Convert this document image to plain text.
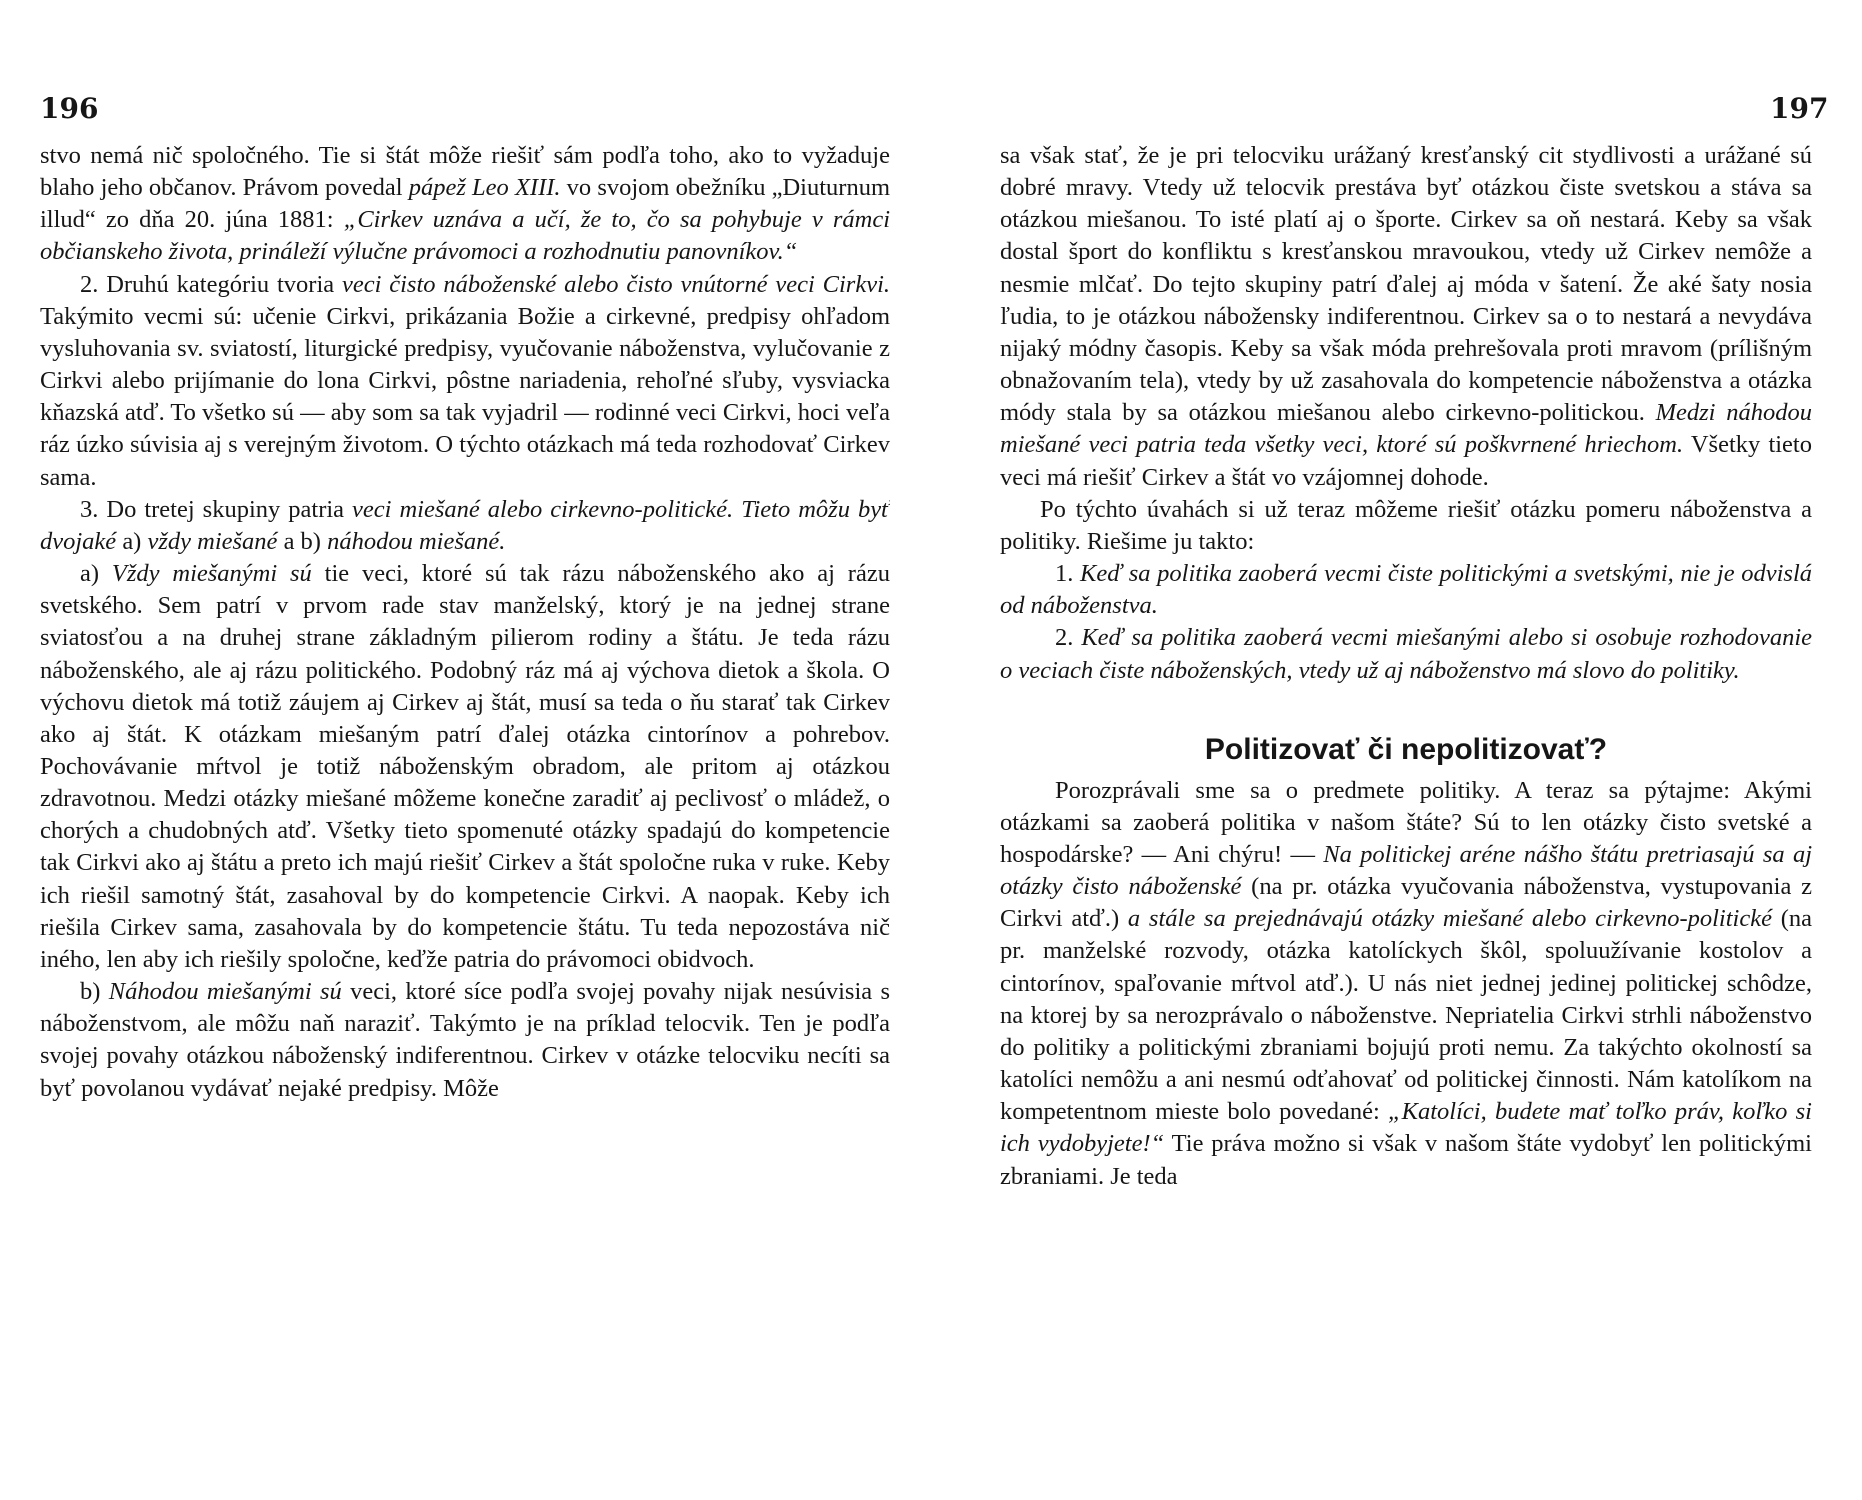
196	197

stvo nemá nič spoločného. Tie si štát môže riešiť sám podľa toho, ako to vyžaduje blaho jeho občanov. Právom povedal pápež Leo XIII. vo svojom obežníku „Diuturnum illud“ zo dňa 20. júna 1881: „Cirkev uznáva a učí, že to, čo sa pohybuje v rámci občianskeho života, prináleží výlučne právomoci a rozhodnutiu panovníkov.“

2. Druhú kategóriu tvoria veci čisto náboženské alebo čisto vnútorné veci Cirkvi. Takýmito vecmi sú: učenie Cirkvi, prikázania Božie a cirkevné, predpisy ohľadom vysluhovania sv. sviatostí, liturgické predpisy, vyučovanie náboženstva, vylučovanie z Cirkvi alebo prijímanie do lona Cirkvi, pôstne nariadenia, rehoľné sľuby, vysviacka kňazská atď. To všetko sú — aby som sa tak vyjadril — rodinné veci Cirkvi, hoci veľa ráz úzko súvisia aj s verejným životom. O týchto otázkach má teda rozhodovať Cirkev sama.

3. Do tretej skupiny patria veci miešané alebo cirkevno-politické. Tieto môžu byť dvojaké a) vždy miešané a b) náhodou miešané.

a) Vždy miešanými sú tie veci, ktoré sú tak rázu náboženského ako aj rázu svetského. Sem patrí v prvom rade stav manželský, ktorý je na jednej strane sviatosťou a na druhej strane základným pilierom rodiny a štátu. Je teda rázu náboženského, ale aj rázu politického. Podobný ráz má aj výchova dietok a škola. O výchovu dietok má totiž záujem aj Cirkev aj štát, musí sa teda o ňu starať tak Cirkev ako aj štát. K otázkam miešaným patrí ďalej otázka cintorínov a pohrebov. Pochovávanie mŕtvol je totiž náboženským obradom, ale pritom aj otázkou zdravotnou. Medzi otázky miešané môžeme konečne zaradiť aj peclivosť o mládež, o chorých a chudobných atď. Všetky tieto spomenuté otázky spadajú do kompetencie tak Cirkvi ako aj štátu a preto ich majú riešiť Cirkev a štát spoločne ruka v ruke. Keby ich riešil samotný štát, zasahoval by do kompetencie Cirkvi. A naopak. Keby ich riešila Cirkev sama, zasahovala by do kompetencie štátu. Tu teda nepozostáva nič iného, len aby ich riešily spoločne, keďže patria do právomoci obidvoch.

b) Náhodou miešanými sú veci, ktoré síce podľa svojej povahy nijak nesúvisia s náboženstvom, ale môžu naň naraziť. Takýmto je na príklad telocvik. Ten je podľa svojej povahy otázkou náboženský indiferentnou. Cirkev v otázke telocviku necíti sa byť povolanou vydávať nejaké predpisy. Môže

sa však stať, že je pri telocviku urážaný kresťanský cit stydlivosti a urážané sú dobré mravy. Vtedy už telocvik prestáva byť otázkou čiste svetskou a stáva sa otázkou miešanou. To isté platí aj o športe. Cirkev sa oň nestará. Keby sa však dostal šport do konfliktu s kresťanskou mravoukou, vtedy už Cirkev nemôže a nesmie mlčať. Do tejto skupiny patrí ďalej aj móda v šatení. Že aké šaty nosia ľudia, to je otázkou nábožensky indiferentnou. Cirkev sa o to nestará a nevydáva nijaký módny časopis. Keby sa však móda prehrešovala proti mravom (prílišným obnažovaním tela), vtedy by už zasahovala do kompetencie náboženstva a otázka módy stala by sa otázkou miešanou alebo cirkevno-politickou. Medzi náhodou miešané veci patria teda všetky veci, ktoré sú poškvrnené hriechom. Všetky tieto veci má riešiť Cirkev a štát vo vzájomnej dohode.

Po týchto úvahách si už teraz môžeme riešiť otázku pomeru náboženstva a politiky. Riešime ju takto:

1. Keď sa politika zaoberá vecmi čiste politickými a svetskými, nie je odvislá od náboženstva.

2. Keď sa politika zaoberá vecmi miešanými alebo si osobuje rozhodovanie o veciach čiste náboženských, vtedy už aj náboženstvo má slovo do politiky.

Politizovať či nepolitizovať?

Porozprávali sme sa o predmete politiky. A teraz sa pýtajme: Akými otázkami sa zaoberá politika v našom štáte? Sú to len otázky čisto svetské a hospodárske? — Ani chýru! — Na politickej aréne nášho štátu pretriasajú sa aj otázky čisto náboženské (na pr. otázka vyučovania náboženstva, vystupovania z Cirkvi atď.) a stále sa prejednávajú otázky miešané alebo cirkevno-politické (na pr. manželské rozvody, otázka katolíckych škôl, spoluužívanie kostolov a cintorínov, spaľovanie mŕtvol atď.). U nás niet jednej jedinej politickej schôdze, na ktorej by sa nerozprávalo o náboženstve. Nepriatelia Cirkvi strhli náboženstvo do politiky a politickými zbraniami bojujú proti nemu. Za takýchto okolností sa katolíci nemôžu a ani nesmú odťahovať od politickej činnosti. Nám katolíkom na kompetentnom mieste bolo povedané: „Katolíci, budete mať toľko práv, koľko si ich vydobyjete!“ Tie práva možno si však v našom štáte vydobyť len politickými zbraniami. Je teda
